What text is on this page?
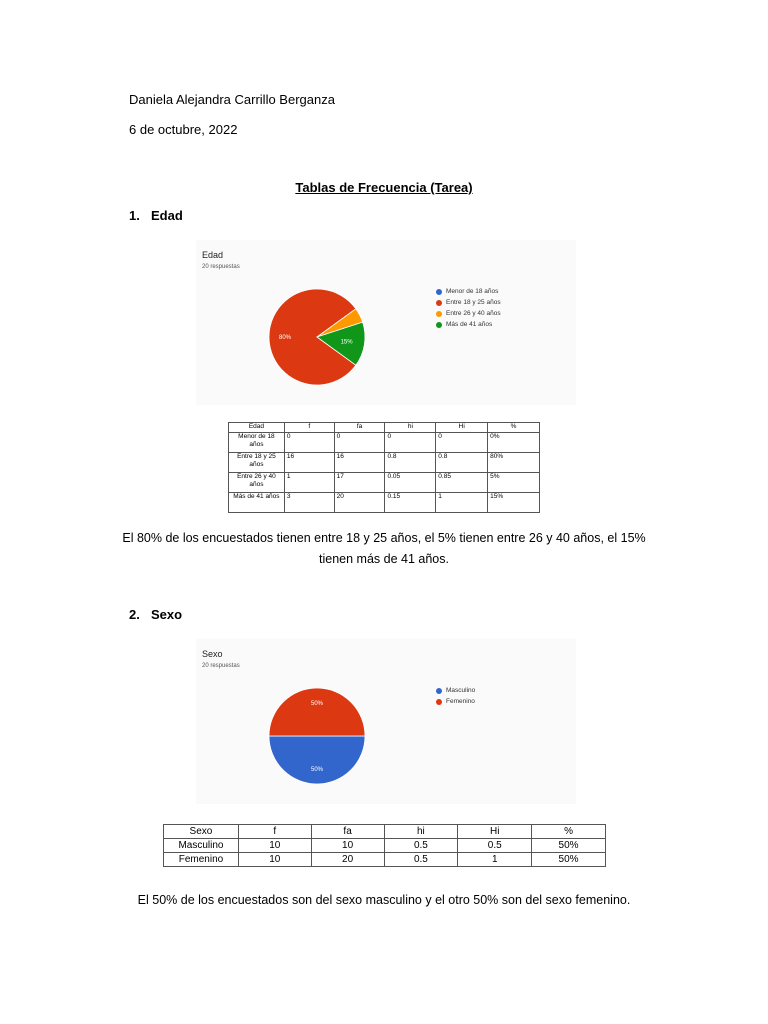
Daniela Alejandra Carrillo Berganza
6 de octubre, 2022
Tablas de Frecuencia (Tarea)
1. Edad
Edad
20 respuestas
80%
15%
Menor de 18 años
Entre 18 y 25 años
Entre 26 y 40 años
Más de 41 años
Edad	f	fa	hi	Hi	%
Menor de 18 años	0	0	0	0	0%
Entre 18 y 25 años	16	16	0.8	0.8	80%
Entre 26 y 40 años	1	17	0.05	0.85	5%
Más de 41 años	3	20	0.15	1	15%
El 80% de los encuestados tienen entre 18 y 25 años, el 5% tienen entre 26 y 40 años, el 15% tienen más de 41 años.
2. Sexo
Sexo
20 respuestas
50%
50%
Masculino
Femenino
Sexo	f	fa	hi	Hi	%
Masculino	10	10	0.5	0.5	50%
Femenino	10	20	0.5	1	50%
El 50% de los encuestados son del sexo masculino y el otro 50% son del sexo femenino.
